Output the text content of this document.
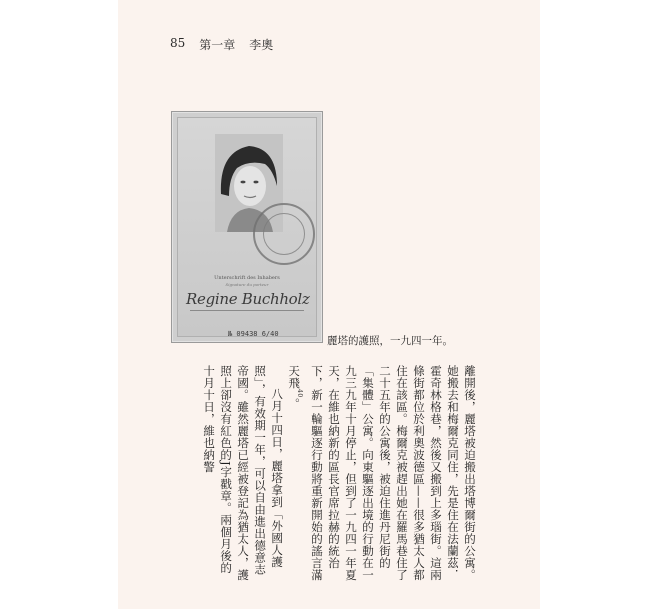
85 第一章 李奧
Unterschrift des Inhabers
Signature du porteur
Regine Buchholz
№ 09438 6/40
麗塔的護照，一九四一年。

離開後，麗塔被迫搬出塔博爾街的公寓。她搬去和梅爾克同住，先是住在法蘭茲．霍奇林格巷，然後又搬到上多瑙街。這兩條街都位於利奧波德區——很多猶太人都住在該區。梅爾克被趕出她在羅馬巷住了二十五年的公寓後，被迫住進丹尼街的「集體」公寓。向東驅逐出境的行動在一九三九年十月停止，但到了一九四一年夏天，在維也納新的區長官席拉赫的統治下，新一輪驅逐行動將重新開始的謠言滿天飛$^{40}$。

八月十四日，麗塔拿到「外國人護照」，有效期一年，可以自由進出德意志帝國。雖然麗塔已經被登記為猶太人，護照上卻沒有紅色的J字戳章。兩個月後的十月十日，維也納警
